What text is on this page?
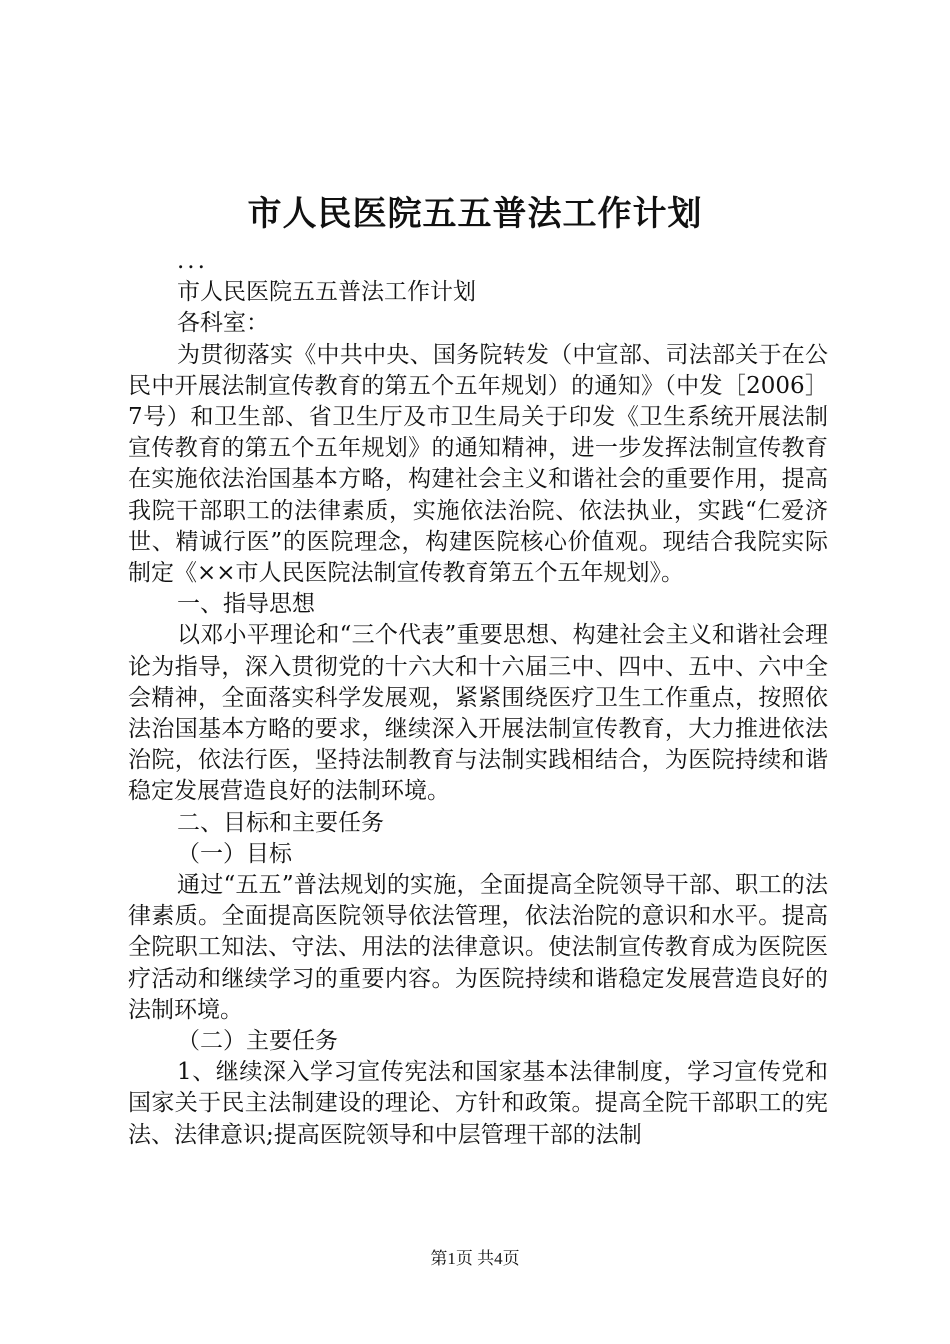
市人民医院五五普法工作计划

...

市人民医院五五普法工作计划

各科室：

为贯彻落实《中共中央、国务院转发（中宣部、司法部关于在公民中开展法制宣传教育的第五个五年规划）的通知》（中发［2006］7号）和卫生部、省卫生厅及市卫生局关于印发《卫生系统开展法制宣传教育的第五个五年规划》的通知精神，进一步发挥法制宣传教育在实施依法治国基本方略，构建社会主义和谐社会的重要作用，提高我院干部职工的法律素质，实施依法治院、依法执业，实践“仁爱济世、精诚行医”的医院理念，构建医院核心价值观。现结合我院实际制定《××市人民医院法制宣传教育第五个五年规划》。

一、指导思想

以邓小平理论和“三个代表”重要思想、构建社会主义和谐社会理论为指导，深入贯彻党的十六大和十六届三中、四中、五中、六中全会精神，全面落实科学发展观，紧紧围绕医疗卫生工作重点，按照依法治国基本方略的要求，继续深入开展法制宣传教育，大力推进依法治院，依法行医，坚持法制教育与法制实践相结合，为医院持续和谐稳定发展营造良好的法制环境。

二、目标和主要任务

（一）目标

通过“五五”普法规划的实施，全面提高全院领导干部、职工的法律素质。全面提高医院领导依法管理，依法治院的意识和水平。提高全院职工知法、守法、用法的法律意识。使法制宣传教育成为医院医疗活动和继续学习的重要内容。为医院持续和谐稳定发展营造良好的法制环境。

（二）主要任务

1、继续深入学习宣传宪法和国家基本法律制度，学习宣传党和国家关于民主法制建设的理论、方针和政策。提高全院干部职工的宪法、法律意识;提高医院领导和中层管理干部的法制

第1页 共4页
